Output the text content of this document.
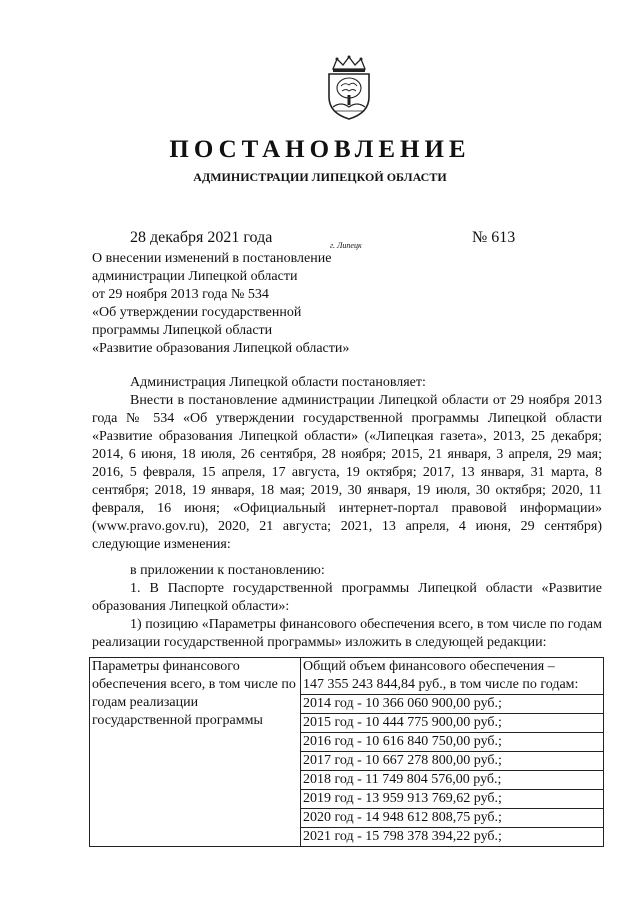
ПОСТАНОВЛЕНИЕ
АДМИНИСТРАЦИИ ЛИПЕЦКОЙ ОБЛАСТИ
28 декабря 2021 года	г. Липецк	№ 613
О внесении изменений в постановление
администрации Липецкой области
от 29 ноября 2013 года № 534
«Об утверждении государственной
программы Липецкой области
«Развитие образования Липецкой области»

Администрация Липецкой области постановляет:

Внести в постановление администрации Липецкой области от 29 ноября 2013 года № 534 «Об утверждении государственной программы Липецкой области «Развитие образования Липецкой области» («Липецкая газета», 2013, 25 декабря; 2014, 6 июня, 18 июля, 26 сентября, 28 ноября; 2015, 21 января, 3 апреля, 29 мая; 2016, 5 февраля, 15 апреля, 17 августа, 19 октября; 2017, 13 января, 31 марта, 8 сентября; 2018, 19 января, 18 мая; 2019, 30 января, 19 июля, 30 октября; 2020, 11 февраля, 16 июня; «Официальный интернет-портал правовой информации» (www.pravo.gov.ru), 2020, 21 августа; 2021, 13 апреля, 4 июня, 29 сентября) следующие изменения:

в приложении к постановлению:

1. В Паспорте государственной программы Липецкой области «Развитие образования Липецкой области»:

1) позицию «Параметры финансового обеспечения всего, в том числе по годам реализации государственной программы» изложить в следующей редакции:

Параметры финансового обеспечения всего, в том числе по годам реализации государственной программы	
Общий объем финансового обеспечения –
147 355 243 844,84 руб., в том числе по годам:
2014 год - 10 366 060 900,00 руб.;
2015 год - 10 444 775 900,00 руб.;
2016 год - 10 616 840 750,00 руб.;
2017 год - 10 667 278 800,00 руб.;
2018 год - 11 749 804 576,00 руб.;
2019 год - 13 959 913 769,62 руб.;
2020 год - 14 948 612 808,75 руб.;
2021 год - 15 798 378 394,22 руб.;
